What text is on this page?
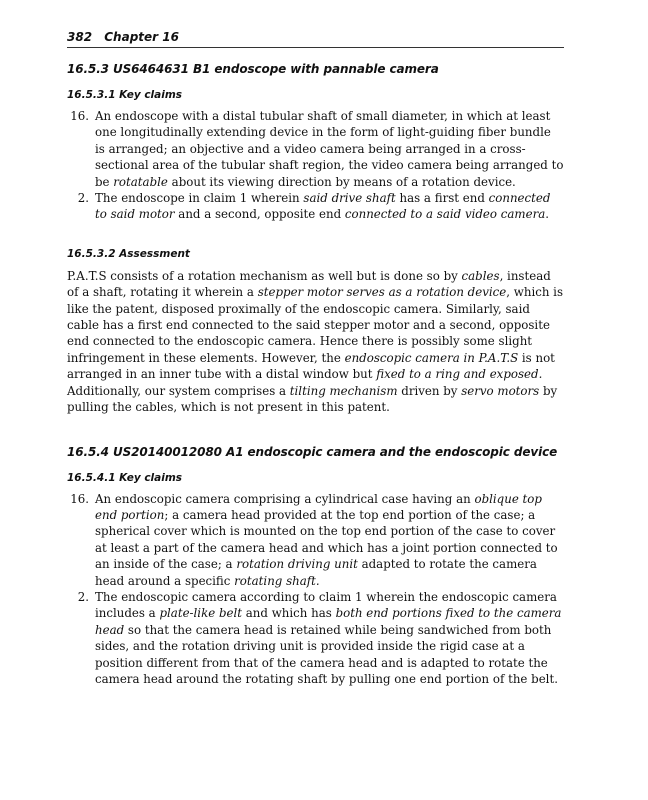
382 Chapter 16
16.5.3 US6464631 B1 endoscope with pannable camera
16.5.3.1 Key claims
16. An endoscope with a distal tubular shaft of small diameter, in which at least one longitudinally extending device in the form of light-guiding fiber bundle is arranged; an objective and a video camera being arranged in a cross-sectional area of the tubular shaft region, the video camera being arranged to be rotatable about its viewing direction by means of a rotation device.
2. The endoscope in claim 1 wherein said drive shaft has a first end connected to said motor and a second, opposite end connected to a said video camera.
16.5.3.2 Assessment

P.A.T.S consists of a rotation mechanism as well but is done so by cables, instead of a shaft, rotating it wherein a stepper motor serves as a rotation device, which is like the patent, disposed proximally of the endoscopic camera. Similarly, said cable has a first end connected to the said stepper motor and a second, opposite end connected to the endoscopic camera. Hence there is possibly some slight infringement in these elements. However, the endoscopic camera in P.A.T.S is not arranged in an inner tube with a distal window but fixed to a ring and exposed. Additionally, our system comprises a tilting mechanism driven by servo motors by pulling the cables, which is not present in this patent.

16.5.4 US20140012080 A1 endoscopic camera and the endoscopic device
16.5.4.1 Key claims
16. An endoscopic camera comprising a cylindrical case having an oblique top end portion; a camera head provided at the top end portion of the case; a spherical cover which is mounted on the top end portion of the case to cover at least a part of the camera head and which has a joint portion connected to an inside of the case; a rotation driving unit adapted to rotate the camera head around a specific rotating shaft.
2. The endoscopic camera according to claim 1 wherein the endoscopic camera includes a plate-like belt and which has both end portions fixed to the camera head so that the camera head is retained while being sandwiched from both sides, and the rotation driving unit is provided inside the rigid case at a position different from that of the camera head and is adapted to rotate the camera head around the rotating shaft by pulling one end portion of the belt.
